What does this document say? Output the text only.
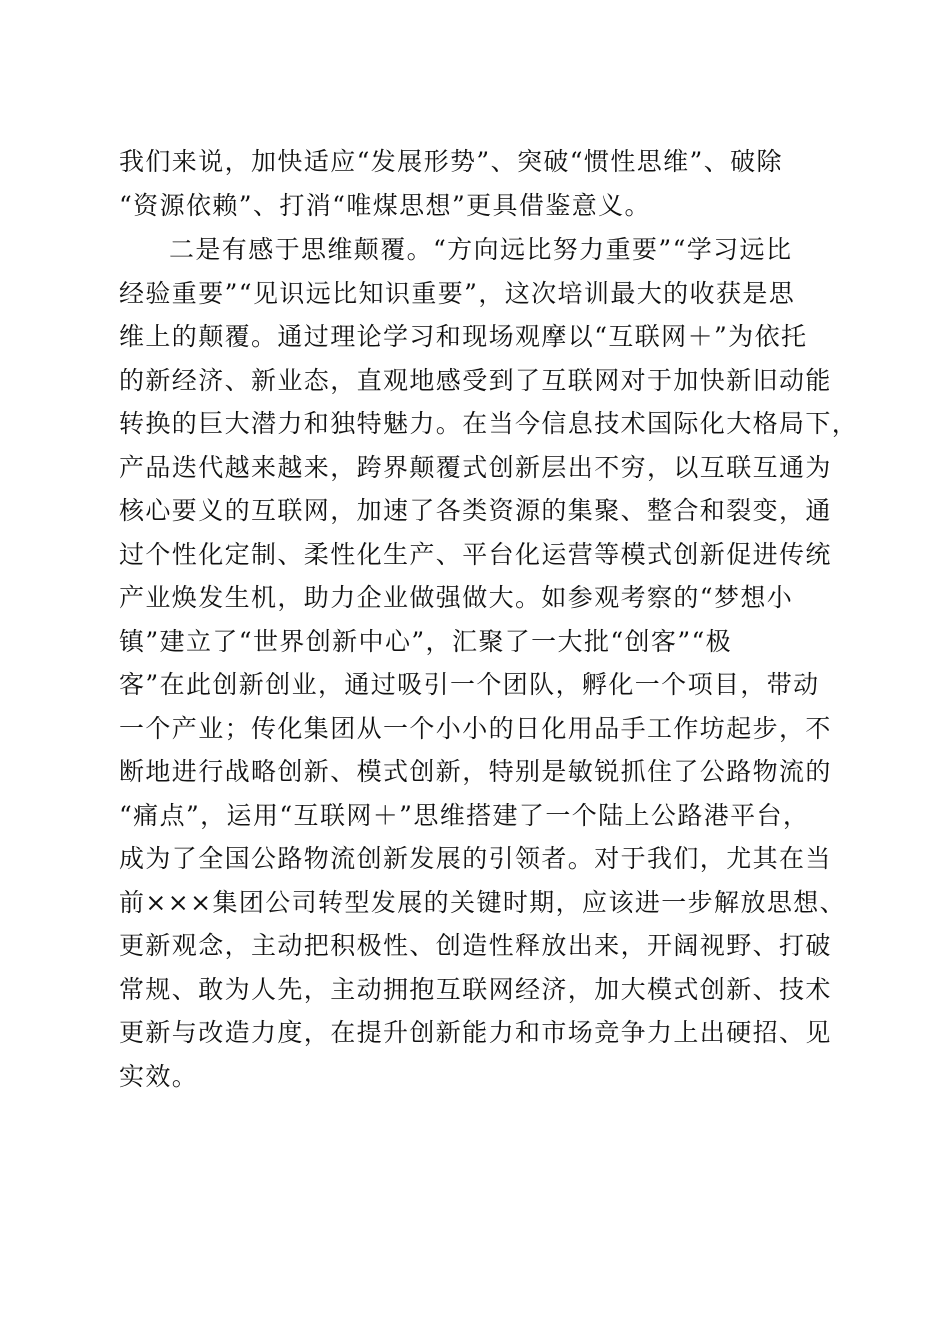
我们来说，加快适应“发展形势”、突破“惯性思维”、破除
“资源依赖”、打消“唯煤思想”更具借鉴意义。
二是有感于思维颠覆。“方向远比努力重要”“学习远比
经验重要”“见识远比知识重要”，这次培训最大的收获是思
维上的颠覆。通过理论学习和现场观摩以“互联网＋”为依托
的新经济、新业态，直观地感受到了互联网对于加快新旧动能
转换的巨大潜力和独特魅力。在当今信息技术国际化大格局下，
产品迭代越来越来，跨界颠覆式创新层出不穷，以互联互通为
核心要义的互联网，加速了各类资源的集聚、整合和裂变，通
过个性化定制、柔性化生产、平台化运营等模式创新促进传统
产业焕发生机，助力企业做强做大。如参观考察的“梦想小
镇”建立了“世界创新中心”，汇聚了一大批“创客”“极
客”在此创新创业，通过吸引一个团队，孵化一个项目，带动
一个产业；传化集团从一个小小的日化用品手工作坊起步，不
断地进行战略创新、模式创新，特别是敏锐抓住了公路物流的
“痛点”，运用“互联网＋”思维搭建了一个陆上公路港平台，
成为了全国公路物流创新发展的引领者。对于我们，尤其在当
前×××集团公司转型发展的关键时期，应该进一步解放思想、
更新观念，主动把积极性、创造性释放出来，开阔视野、打破
常规、敢为人先，主动拥抱互联网经济，加大模式创新、技术
更新与改造力度，在提升创新能力和市场竞争力上出硬招、见
实效。
